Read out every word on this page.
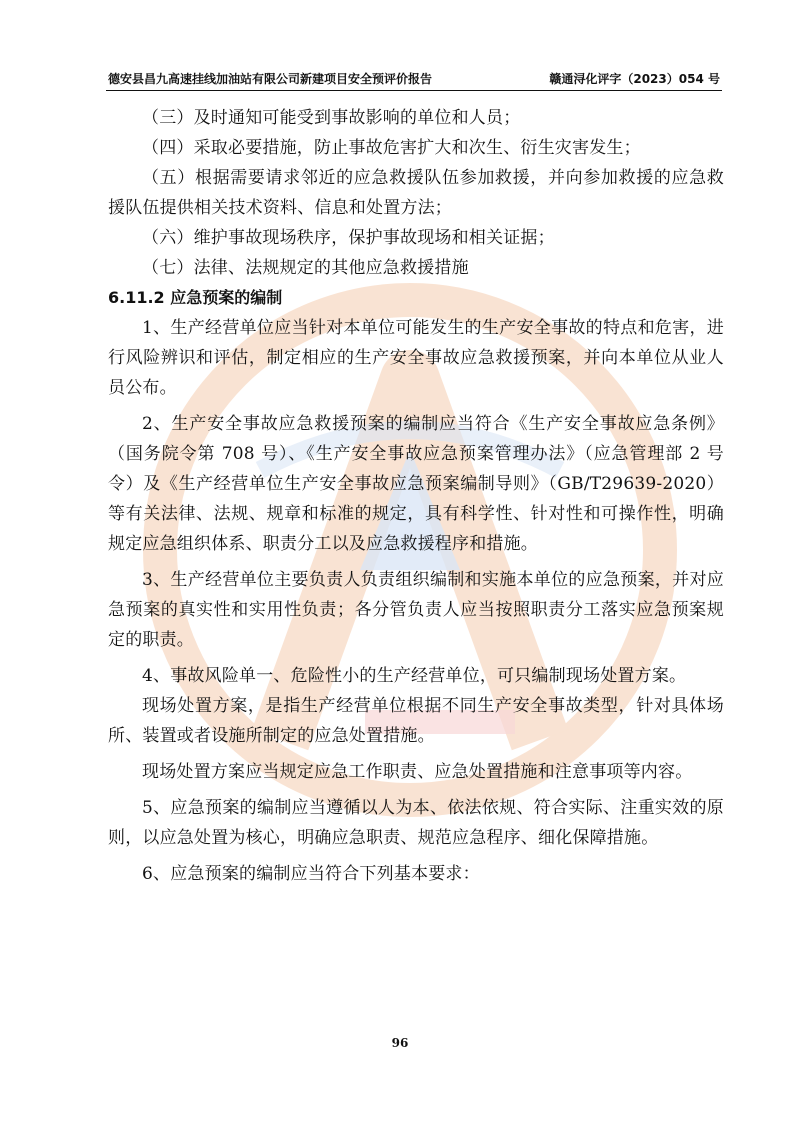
德安县昌九高速挂线加油站有限公司新建项目安全预评价报告	赣通浔化评字（2023）054 号

（三）及时通知可能受到事故影响的单位和人员；

（四）采取必要措施，防止事故危害扩大和次生、衍生灾害发生；

（五）根据需要请求邻近的应急救援队伍参加救援，并向参加救援的应急救援队伍提供相关技术资料、信息和处置方法；

（六）维护事故现场秩序，保护事故现场和相关证据；

（七）法律、法规规定的其他应急救援措施

6.11.2 应急预案的编制

1、生产经营单位应当针对本单位可能发生的生产安全事故的特点和危害，进行风险辨识和评估，制定相应的生产安全事故应急救援预案，并向本单位从业人员公布。

2、生产安全事故应急救援预案的编制应当符合《生产安全事故应急条例》（国务院令第 708 号）、《生产安全事故应急预案管理办法》（应急管理部 2 号令）及《生产经营单位生产安全事故应急预案编制导则》（GB/T29639-2020）等有关法律、法规、规章和标准的规定，具有科学性、针对性和可操作性，明确规定应急组织体系、职责分工以及应急救援程序和措施。

3、生产经营单位主要负责人负责组织编制和实施本单位的应急预案，并对应急预案的真实性和实用性负责；各分管负责人应当按照职责分工落实应急预案规定的职责。

4、事故风险单一、危险性小的生产经营单位，可只编制现场处置方案。

现场处置方案，是指生产经营单位根据不同生产安全事故类型，针对具体场所、装置或者设施所制定的应急处置措施。

现场处置方案应当规定应急工作职责、应急处置措施和注意事项等内容。

5、应急预案的编制应当遵循以人为本、依法依规、符合实际、注重实效的原则，以应急处置为核心，明确应急职责、规范应急程序、细化保障措施。

6、应急预案的编制应当符合下列基本要求：

96
